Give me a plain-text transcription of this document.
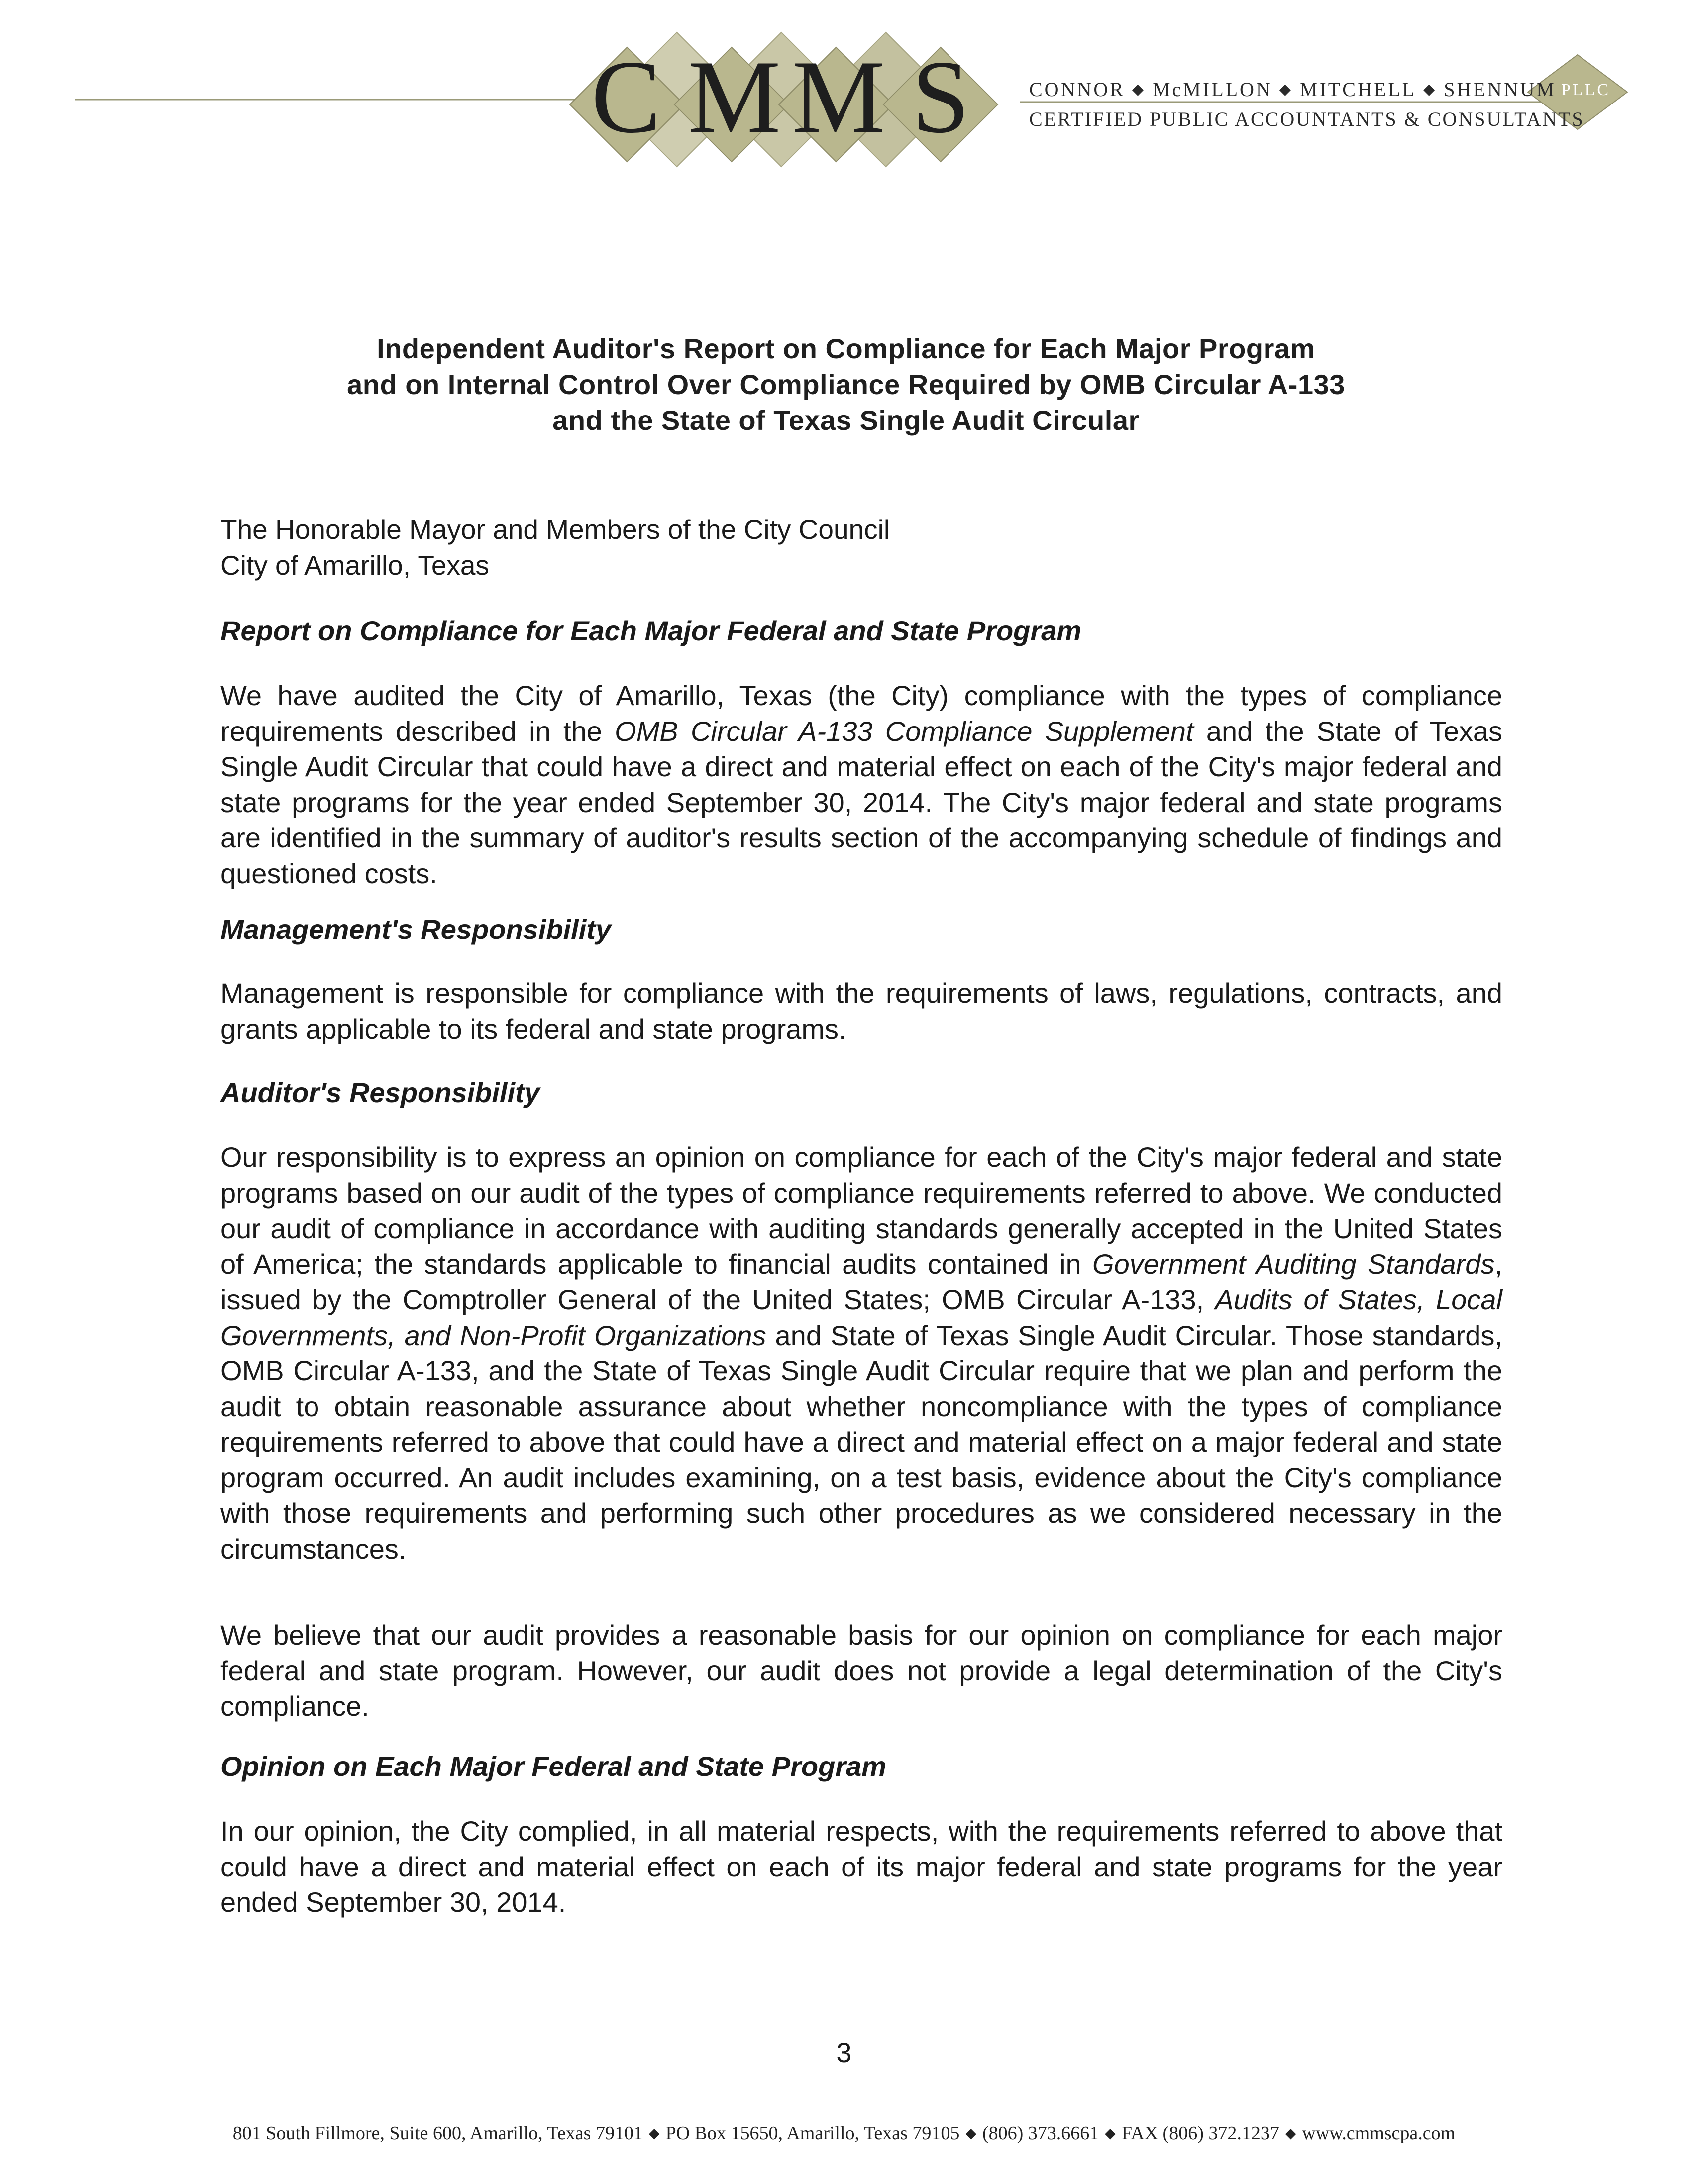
C M M S	CONNOR ◆ McMILLON ◆ MITCHELL ◆ SHENNUM PLLC
CERTIFIED PUBLIC ACCOUNTANTS & CONSULTANTS
Independent Auditor's Report on Compliance for Each Major Program
and on Internal Control Over Compliance Required by OMB Circular A-133
and the State of Texas Single Audit Circular
The Honorable Mayor and Members of the City Council
City of Amarillo, Texas
Report on Compliance for Each Major Federal and State Program
We have audited the City of Amarillo, Texas (the City) compliance with the types of compliance requirements described in the OMB Circular A-133 Compliance Supplement and the State of Texas Single Audit Circular that could have a direct and material effect on each of the City's major federal and state programs for the year ended September 30, 2014. The City's major federal and state programs are identified in the summary of auditor's results section of the accompanying schedule of findings and questioned costs.
Management's Responsibility
Management is responsible for compliance with the requirements of laws, regulations, contracts, and grants applicable to its federal and state programs.
Auditor's Responsibility
Our responsibility is to express an opinion on compliance for each of the City's major federal and state programs based on our audit of the types of compliance requirements referred to above. We conducted our audit of compliance in accordance with auditing standards generally accepted in the United States of America; the standards applicable to financial audits contained in Government Auditing Standards, issued by the Comptroller General of the United States; OMB Circular A-133, Audits of States, Local Governments, and Non-Profit Organizations and State of Texas Single Audit Circular. Those standards, OMB Circular A-133, and the State of Texas Single Audit Circular require that we plan and perform the audit to obtain reasonable assurance about whether noncompliance with the types of compliance requirements referred to above that could have a direct and material effect on a major federal and state program occurred. An audit includes examining, on a test basis, evidence about the City's compliance with those requirements and performing such other procedures as we considered necessary in the circumstances.
We believe that our audit provides a reasonable basis for our opinion on compliance for each major federal and state program. However, our audit does not provide a legal determination of the City's compliance.
Opinion on Each Major Federal and State Program
In our opinion, the City complied, in all material respects, with the requirements referred to above that could have a direct and material effect on each of its major federal and state programs for the year ended September 30, 2014.
3
801 South Fillmore, Suite 600, Amarillo, Texas 79101 ◆ PO Box 15650, Amarillo, Texas 79105 ◆ (806) 373.6661 ◆ FAX (806) 372.1237 ◆ www.cmmscpa.com
